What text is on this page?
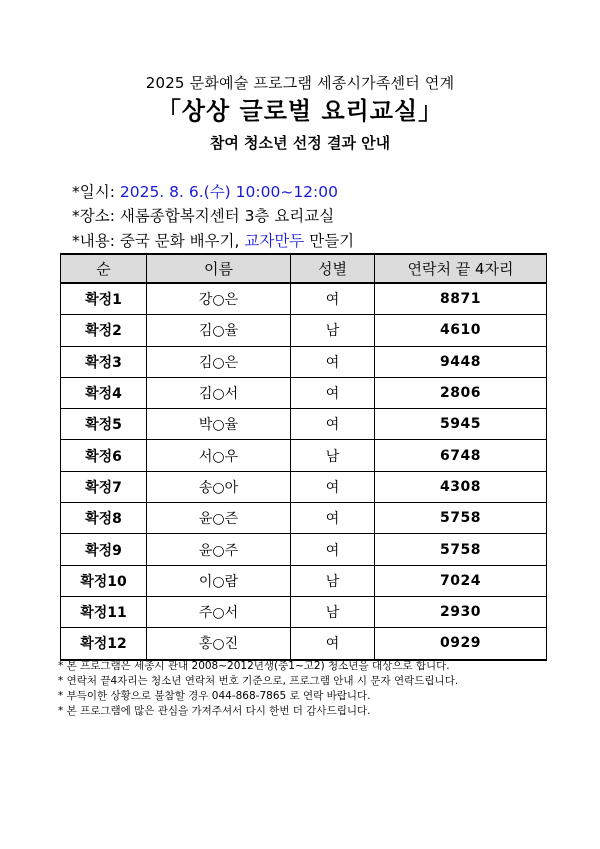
2025 문화예술 프로그램 세종시가족센터 연계
「상상 글로벌 요리교실」
참여 청소년 선정 결과 안내
*일시: 2025. 8. 6.(수) 10:00~12:00
*장소: 새롬종합복지센터 3층 요리교실
*내용: 중국 문화 배우기, 교자만두 만들기
순	이름	성별	연락처 끝 4자리
확정1	강○은	여	8871
확정2	김○율	남	4610
확정3	김○은	여	9448
확정4	김○서	여	2806
확정5	박○율	여	5945
확정6	서○우	남	6748
확정7	송○아	여	4308
확정8	윤○즌	여	5758
확정9	윤○주	여	5758
확정10	이○람	남	7024
확정11	주○서	남	2930
확정12	홍○진	여	0929
* 본 프로그램은 세종시 관내 2008~2012년생(중1~고2) 청소년을 대상으로 합니다.
* 연락처 끝4자리는 청소년 연락처 번호 기준으로, 프로그램 안내 시 문자 연락드립니다.
* 부득이한 상황으로 불참할 경우 044-868-7865 로 연락 바랍니다.
* 본 프로그램에 많은 관심을 가져주셔서 다시 한번 더 감사드립니다.
